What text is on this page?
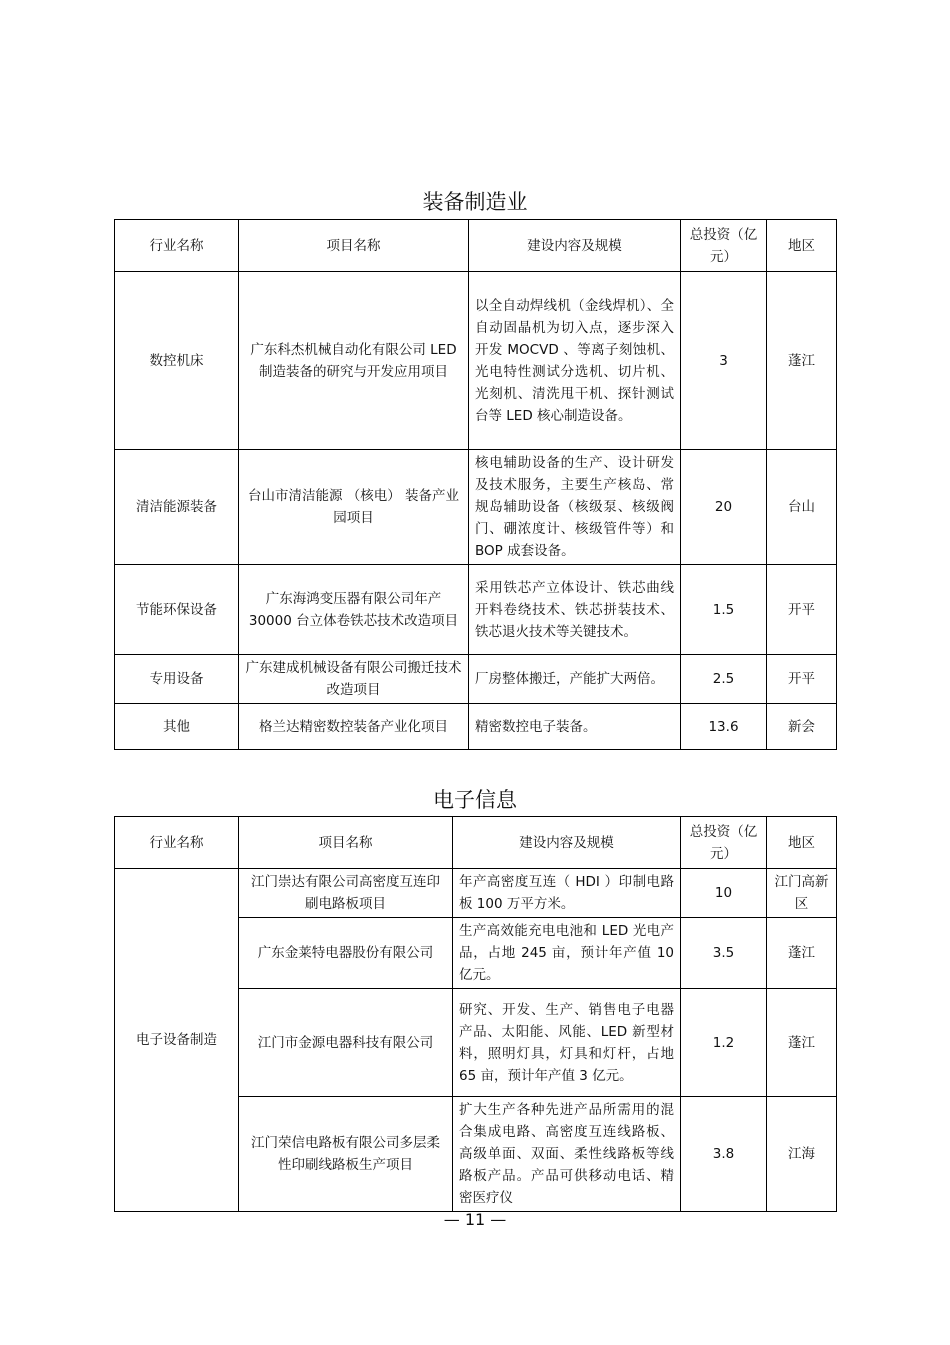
装备制造业
行业名称	项目名称	建设内容及规模	总投资（亿元）	地区
数控机床	广东科杰机械自动化有限公司 LED 制造装备的研究与开发应用项目	以全自动焊线机（金线焊机）、全自动固晶机为切入点，逐步深入开发 MOCVD 、等离子刻蚀机、光电特性测试分选机、切片机、光刻机、清洗甩干机、探针测试台等 LED 核心制造设备。	3	蓬江
清洁能源装备	台山市清洁能源 （核电） 装备产业园项目	核电辅助设备的生产、设计研发及技术服务，主要生产核岛、常规岛辅助设备（核级泵、核级阀门、硼浓度计、核级管件等）和 BOP 成套设备。	20	台山
节能环保设备	广东海鸿变压器有限公司年产 30000 台立体卷铁芯技术改造项目	采用铁芯产立体设计、铁芯曲线开料卷绕技术、铁芯拼装技术、铁芯退火技术等关键技术。	1.5	开平
专用设备	广东建成机械设备有限公司搬迁技术改造项目	厂房整体搬迁，产能扩大两倍。	2.5	开平
其他	格兰达精密数控装备产业化项目	精密数控电子装备。	13.6	新会
电子信息
行业名称	项目名称	建设内容及规模	总投资（亿元）	地区
电子设备制造	江门崇达有限公司高密度互连印刷电路板项目	年产高密度互连（ HDI ）印制电路板 100 万平方米。	10	江门高新区
	广东金莱特电器股份有限公司	生产高效能充电电池和 LED 光电产品，占地 245 亩，预计年产值 10 亿元。	3.5	蓬江
	江门市金源电器科技有限公司	研究、开发、生产、销售电子电器产品、太阳能、风能、LED 新型材料，照明灯具，灯具和灯杆，占地 65 亩，预计年产值 3 亿元。	1.2	蓬江
	江门荣信电路板有限公司多层柔性印刷线路板生产项目	扩大生产各种先进产品所需用的混合集成电路、高密度互连线路板、高级单面、双面、柔性线路板等线路板产品。产品可供移动电话、精密医疗仪	3.8	江海
— 11 —
